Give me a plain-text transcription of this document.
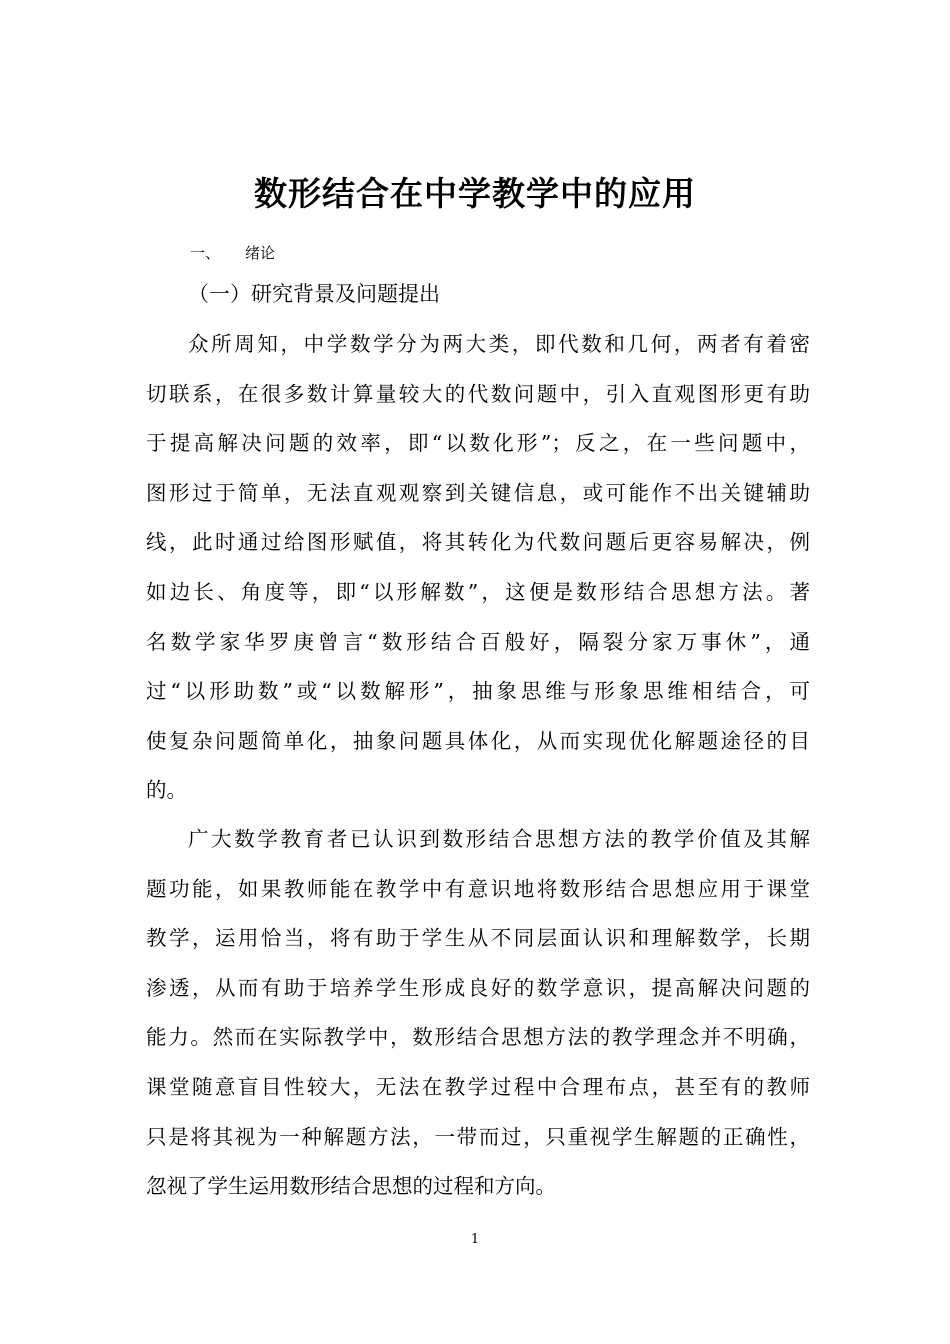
数形结合在中学教学中的应用
一、 绪论
（一）研究背景及问题提出
众所周知，中学数学分为两大类，即代数和几何，两者有着密
切联系，在很多数计算量较大的代数问题中，引入直观图形更有助
于提高解决问题的效率，即“以数化形”；反之，在一些问题中，
图形过于简单，无法直观观察到关键信息，或可能作不出关键辅助
线，此时通过给图形赋值，将其转化为代数问题后更容易解决，例
如边长、角度等，即“以形解数”，这便是数形结合思想方法。著
名数学家华罗庚曾言“数形结合百般好，隔裂分家万事休”，通
过“以形助数”或“以数解形”，抽象思维与形象思维相结合，可
使复杂问题简单化，抽象问题具体化，从而实现优化解题途径的目
的。
广大数学教育者已认识到数形结合思想方法的教学价值及其解
题功能，如果教师能在教学中有意识地将数形结合思想应用于课堂
教学，运用恰当，将有助于学生从不同层面认识和理解数学，长期
渗透，从而有助于培养学生形成良好的数学意识，提高解决问题的
能力。然而在实际教学中，数形结合思想方法的教学理念并不明确，
课堂随意盲目性较大，无法在教学过程中合理布点，甚至有的教师
只是将其视为一种解题方法，一带而过，只重视学生解题的正确性，
忽视了学生运用数形结合思想的过程和方向。
1
